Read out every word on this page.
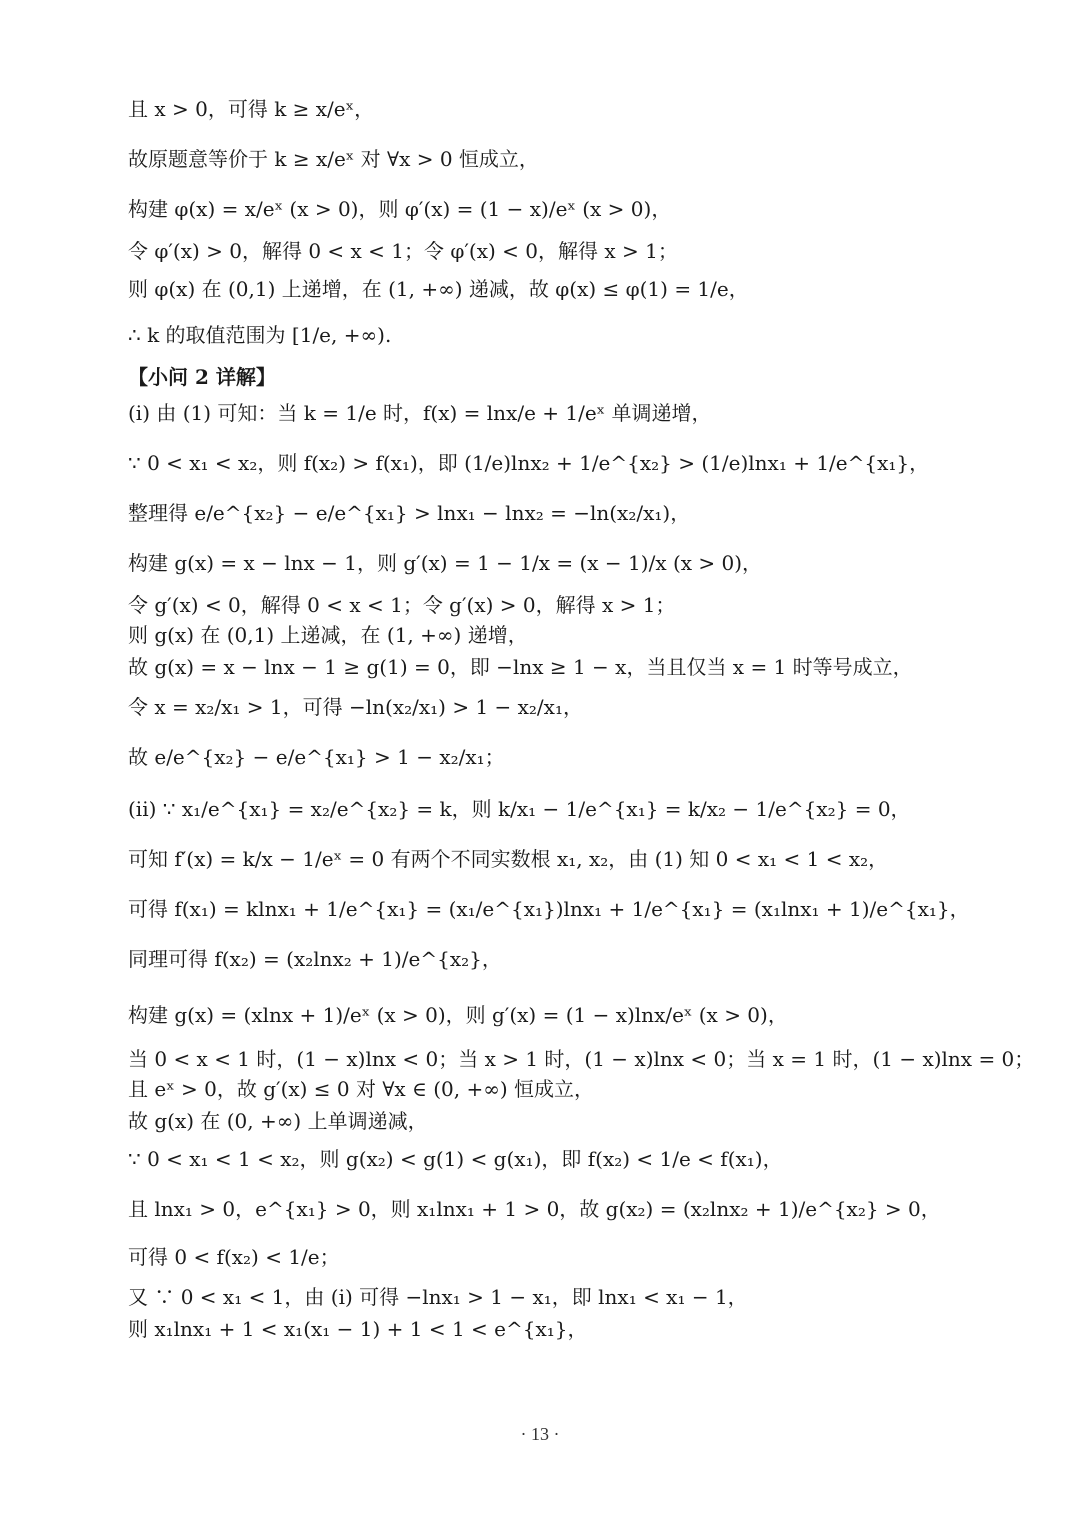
且 x > 0，可得 k ≥ x/eˣ，
故原题意等价于 k ≥ x/eˣ 对 ∀x > 0 恒成立，
构建 φ(x) = x/eˣ (x > 0)，则 φ′(x) = (1 − x)/eˣ (x > 0)，
令 φ′(x) > 0，解得 0 < x < 1；令 φ′(x) < 0，解得 x > 1；
则 φ(x) 在 (0,1) 上递增，在 (1, +∞) 递减，故 φ(x) ≤ φ(1) = 1/e，
∴ k 的取值范围为 [1/e, +∞).
【小问 2 详解】
(i) 由 (1) 可知：当 k = 1/e 时，f(x) = lnx/e + 1/eˣ 单调递增，
∵ 0 < x₁ < x₂，则 f(x₂) > f(x₁)，即 (1/e)lnx₂ + 1/e^{x₂} > (1/e)lnx₁ + 1/e^{x₁}，
整理得 e/e^{x₂} − e/e^{x₁} > lnx₁ − lnx₂ = −ln(x₂/x₁)，
构建 g(x) = x − lnx − 1，则 g′(x) = 1 − 1/x = (x − 1)/x (x > 0)，
令 g′(x) < 0，解得 0 < x < 1；令 g′(x) > 0，解得 x > 1；
则 g(x) 在 (0,1) 上递减，在 (1, +∞) 递增，
故 g(x) = x − lnx − 1 ≥ g(1) = 0，即 −lnx ≥ 1 − x，当且仅当 x = 1 时等号成立，
令 x = x₂/x₁ > 1，可得 −ln(x₂/x₁) > 1 − x₂/x₁，
故 e/e^{x₂} − e/e^{x₁} > 1 − x₂/x₁；
(ii) ∵ x₁/e^{x₁} = x₂/e^{x₂} = k，则 k/x₁ − 1/e^{x₁} = k/x₂ − 1/e^{x₂} = 0，
可知 f′(x) = k/x − 1/eˣ = 0 有两个不同实数根 x₁, x₂，由 (1) 知 0 < x₁ < 1 < x₂，
可得 f(x₁) = klnx₁ + 1/e^{x₁} = (x₁/e^{x₁})lnx₁ + 1/e^{x₁} = (x₁lnx₁ + 1)/e^{x₁}，
同理可得 f(x₂) = (x₂lnx₂ + 1)/e^{x₂}，
构建 g(x) = (xlnx + 1)/eˣ (x > 0)，则 g′(x) = (1 − x)lnx/eˣ (x > 0)，
当 0 < x < 1 时，(1 − x)lnx < 0；当 x > 1 时，(1 − x)lnx < 0；当 x = 1 时，(1 − x)lnx = 0；
且 eˣ > 0，故 g′(x) ≤ 0 对 ∀x ∈ (0, +∞) 恒成立，
故 g(x) 在 (0, +∞) 上单调递减，
∵ 0 < x₁ < 1 < x₂，则 g(x₂) < g(1) < g(x₁)，即 f(x₂) < 1/e < f(x₁)，
且 lnx₁ > 0，e^{x₁} > 0，则 x₁lnx₁ + 1 > 0，故 g(x₂) = (x₂lnx₂ + 1)/e^{x₂} > 0，
可得 0 < f(x₂) < 1/e；
又 ∵ 0 < x₁ < 1，由 (i) 可得 −lnx₁ > 1 − x₁，即 lnx₁ < x₁ − 1，
则 x₁lnx₁ + 1 < x₁(x₁ − 1) + 1 < 1 < e^{x₁}，
· 13 ·
